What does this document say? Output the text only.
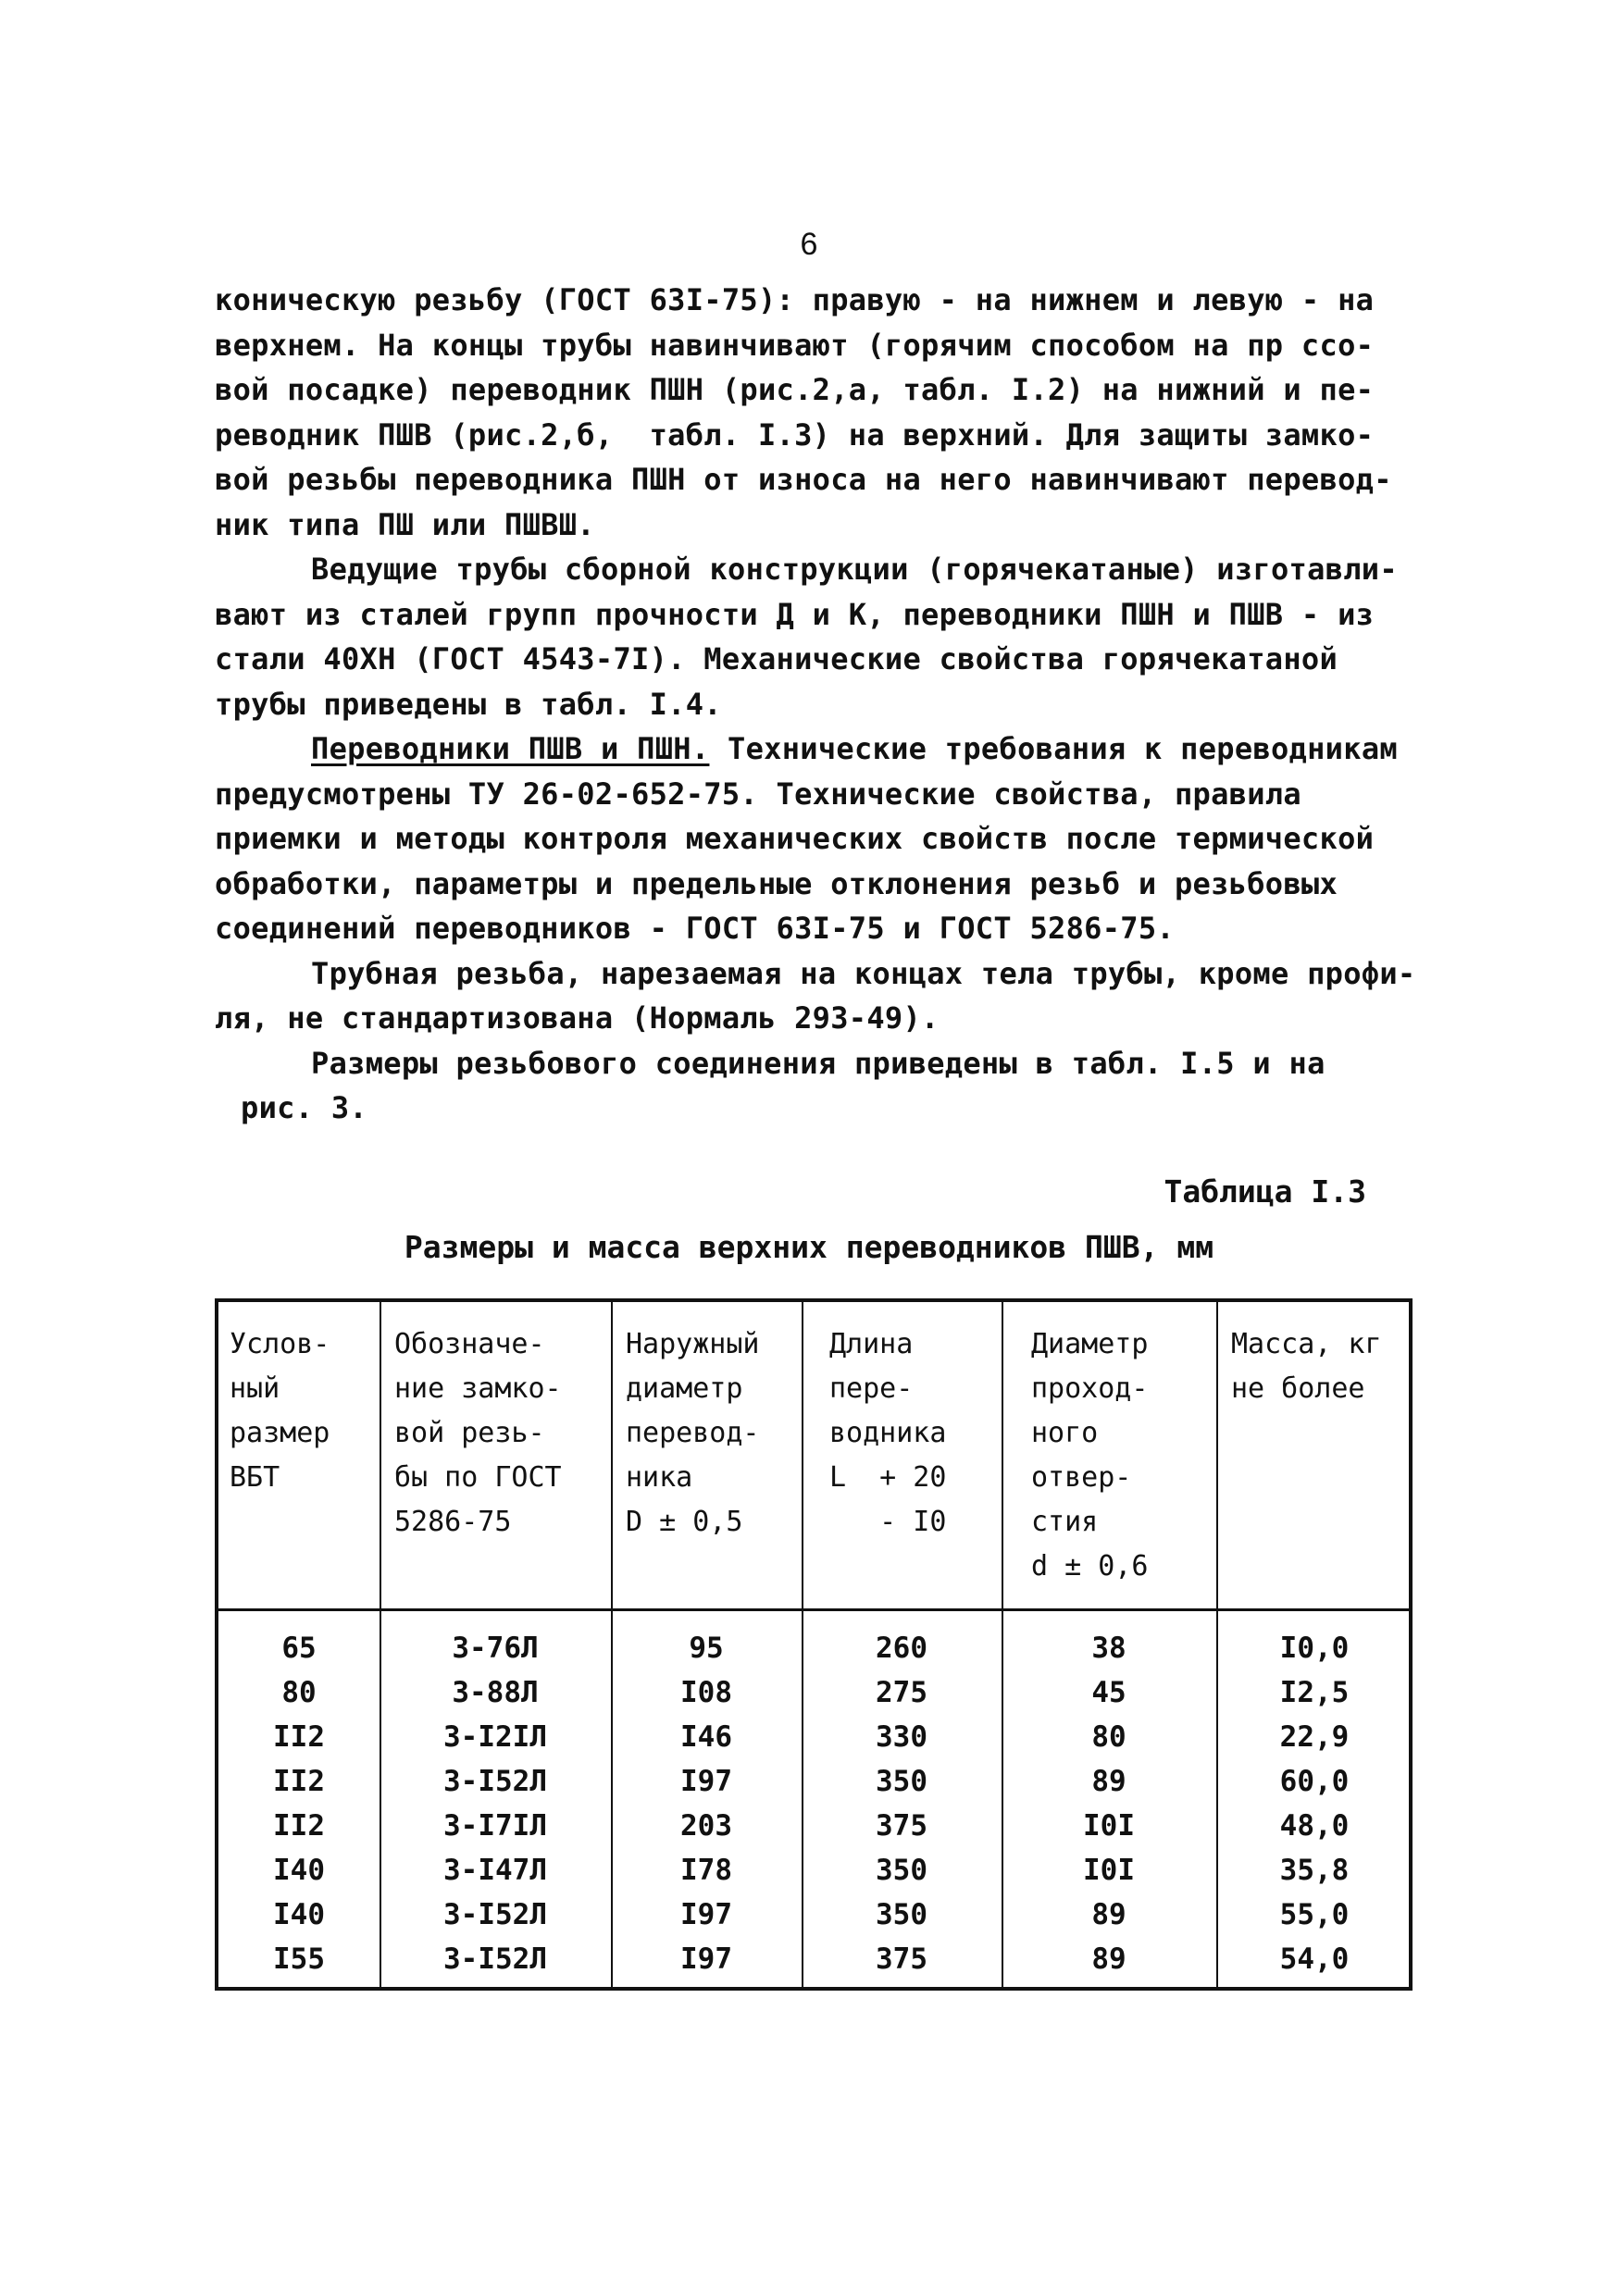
6
коническую резьбу (ГОСТ 63I-75): правую - на нижнем и левую - на
верхнем. На концы трубы навинчивают (горячим способом на пр ссо-
вой посадке) переводник ПШН (рис.2,а, табл. I.2) на нижний и пе-
реводник ПШВ (рис.2,б,  табл. I.3) на верхний. Для защиты замко-
вой резьбы переводника ПШН от износа на него навинчивают перевод-
ник типа ПШ или ПШВШ.
Ведущие трубы сборной конструкции (горячекатаные) изготавли-
вают из сталей групп прочности Д и К, переводники ПШН и ПШВ - из
стали 40ХН (ГОСТ 4543-7I). Механические свойства горячекатаной
трубы приведены в табл. I.4.
Переводники ПШВ и ПШН. Технические требования к переводникам
предусмотрены ТУ 26-02-652-75. Технические свойства, правила
приемки и методы контроля механических свойств после термической
обработки, параметры и предельные отклонения резьб и резьбовых
соединений переводников - ГОСТ 63I-75 и ГОСТ 5286-75.
Трубная резьба, нарезаемая на концах тела трубы, кроме профи-
ля, не стандартизована (Нормаль 293-49).
Размеры резьбового соединения приведены в табл. I.5 и на
рис. 3.
Таблица I.3
Размеры и масса верхних переводников ПШВ, мм
Услов-
ный
размер
ВБТ
Обозначе-
ние замко-
вой резь-
бы по ГОСТ
5286-75
Наружный
диаметр
перевод-
ника
D ± 0,5
Длина
пере-
водника
L  + 20
- I0
Диаметр
проход-
ного
отвер-
стия
d ± 0,6
Масса, кг
не более
65
80
II2
II2
II2
I40
I40
I55
З-76Л
З-88Л
З-I2IЛ
З-I52Л
З-I7IЛ
З-I47Л
З-I52Л
З-I52Л
95
I08
I46
I97
203
I78
I97
I97
260
275
330
350
375
350
350
375
38
45
80
89
I0I
I0I
89
89
I0,0
I2,5
22,9
60,0
48,0
35,8
55,0
54,0
